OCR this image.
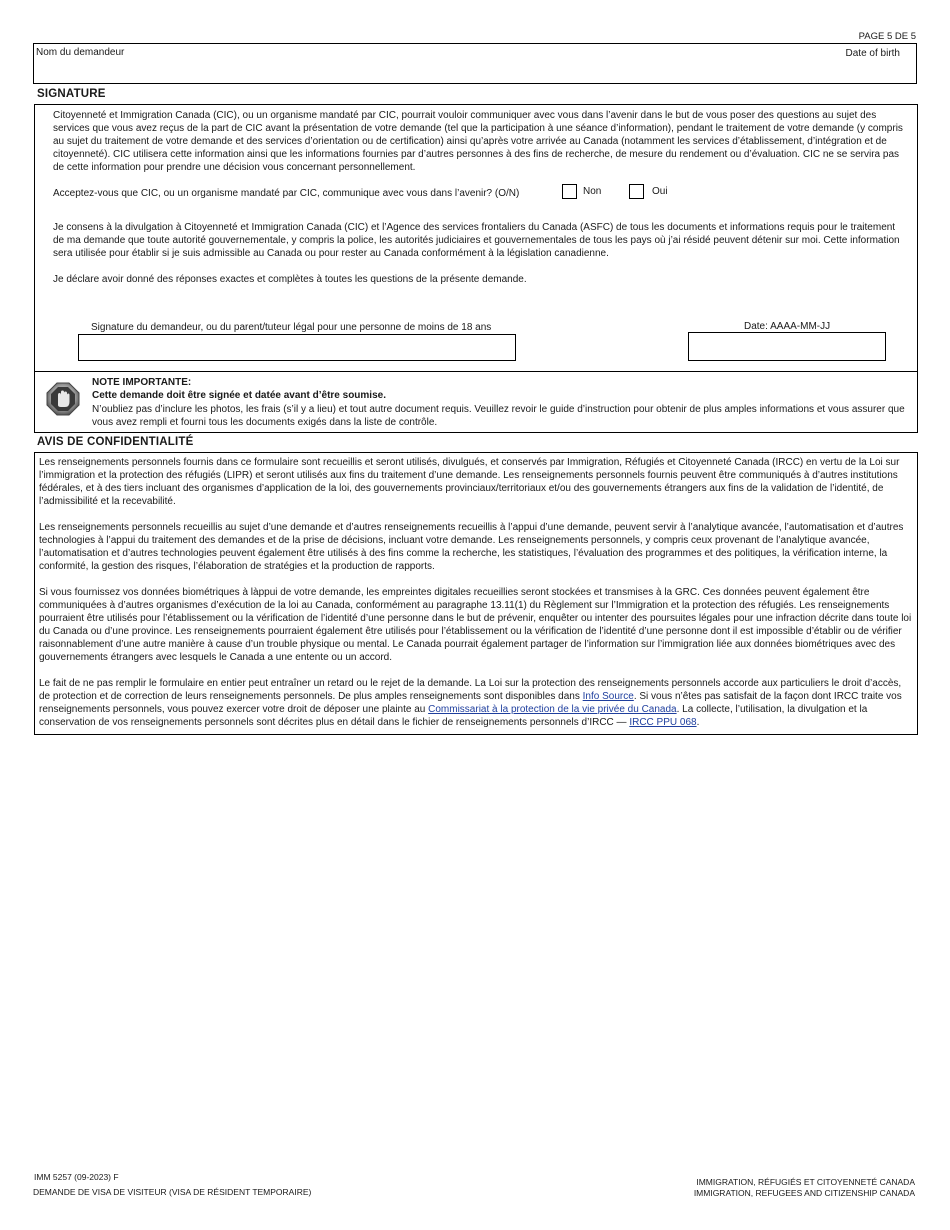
PAGE 5 DE 5
Nom du demandeur	Date of birth
SIGNATURE

Citoyenneté et Immigration Canada (CIC), ou un organisme mandaté par CIC, pourrait vouloir communiquer avec vous dans l’avenir dans le but de vous poser des questions au sujet des services que vous avez reçus de la part de CIC avant la présentation de votre demande (tel que la participation à une séance d’information), pendant le traitement de votre demande (y compris au sujet du traitement de votre demande et des services d’orientation ou de certification) ainsi qu’après votre arrivée au Canada (notamment les services d’établissement, d’intégration et de citoyenneté). CIC utilisera cette information ainsi que les informations fournies par d’autres personnes à des fins de recherche, de mesure du rendement ou d’évaluation. CIC ne se servira pas de cette information pour prendre une décision vous concernant personnellement.

Acceptez-vous que CIC, ou un organisme mandaté par CIC, communique avec vous dans l’avenir? (O/N)	Non	Oui

Je consens à la divulgation à Citoyenneté et Immigration Canada (CIC) et l’Agence des services frontaliers du Canada (ASFC) de tous les documents et informations requis pour le traitement de ma demande que toute autorité gouvernementale, y compris la police, les autorités judiciaires et gouvernementales de tous les pays où j’ai résidé peuvent détenir sur moi. Cette information sera utilisée pour établir si je suis admissible au Canada ou pour rester au Canada conformément à la législation canadienne.

Je déclare avoir donné des réponses exactes et complètes à toutes les questions de la présente demande.
Signature du demandeur, ou du parent/tuteur légal pour une personne de moins de 18 ans	Date: AAAA-MM-JJ
NOTE IMPORTANTE:
Cette demande doit être signée et datée avant d’être soumise.

N’oubliez pas d’inclure les photos, les frais (s’il y a lieu) et tout autre document requis. Veuillez revoir le guide d’instruction pour obtenir de plus amples informations et vous assurer que vous avez rempli et fourni tous les documents exigés dans la liste de contrôle.

AVIS DE CONFIDENTIALITÉ

Les renseignements personnels fournis dans ce formulaire sont recueillis et seront utilisés, divulgués, et conservés par Immigration, Réfugiés et Citoyenneté Canada (IRCC) en vertu de la Loi sur l’immigration et la protection des réfugiés (LIPR) et seront utilisés aux fins du traitement d’une demande. Les renseignements personnels fournis peuvent être communiqués à d’autres institutions fédérales, et à des tiers incluant des organismes d’application de la loi, des gouvernements provinciaux/territoriaux et/ou des gouvernements étrangers aux fins de la validation de l’identité, de l’admissibilité et la recevabilité.

Les renseignements personnels recueillis au sujet d’une demande et d’autres renseignements recueillis à l’appui d’une demande, peuvent servir à l’analytique avancée, l’automatisation et d’autres technologies à l’appui du traitement des demandes et de la prise de décisions, incluant votre demande. Les renseignements personnels, y compris ceux provenant de l’analytique avancée, l’automatisation et d’autres technologies peuvent également être utilisés à des fins comme la recherche, les statistiques, l’évaluation des programmes et des politiques, la vérification interne, la conformité, la gestion des risques, l’élaboration de stratégies et la production de rapports.

Si vous fournissez vos données biométriques à làppui de votre demande, les empreintes digitales recueillies seront stockées et transmises à la GRC. Ces données peuvent également être communiquées à d’autres organismes d’exécution de la loi au Canada, conformément au paragraphe 13.11(1) du Règlement sur l’Immigration et la protection des réfugiés. Les renseignements pourraient être utilisés pour l’établissement ou la vérification de l’identité d’une personne dans le but de prévenir, enquêter ou intenter des poursuites légales pour une infraction décrite dans toute loi du Canada ou d’une province. Les renseignements pourraient également être utilisés pour l’établissement ou la vérification de l’identité d’une personne dont il est impossible d’établir ou de vérifier raisonnablement d’une autre manière à cause d’un trouble physique ou mental. Le Canada pourrait également partager de l’information sur l’immigration liée aux données biométriques avec des gouvernements étrangers avec lesquels le Canada a une entente ou un accord.

Le fait de ne pas remplir le formulaire en entier peut entraîner un retard ou le rejet de la demande. La Loi sur la protection des renseignements personnels accorde aux particuliers le droit d’accès, de protection et de correction de leurs renseignements personnels. De plus amples renseignements sont disponibles dans Info Source. Si vous n’êtes pas satisfait de la façon dont IRCC traite vos renseignements personnels, vous pouvez exercer votre droit de déposer une plainte au Commissariat à la protection de la vie privée du Canada. La collecte, l’utilisation, la divulgation et la conservation de vos renseignements personnels sont décrites plus en détail dans le fichier de renseignements personnels d’IRCC — IRCC PPU 068.

IMM 5257 (09-2023) F
DEMANDE DE VISA DE VISITEUR (VISA DE RÉSIDENT TEMPORAIRE)
IMMIGRATION, RÉFUGIÉS ET CITOYENNETÉ CANADA
IMMIGRATION, REFUGEES AND CITIZENSHIP CANADA
